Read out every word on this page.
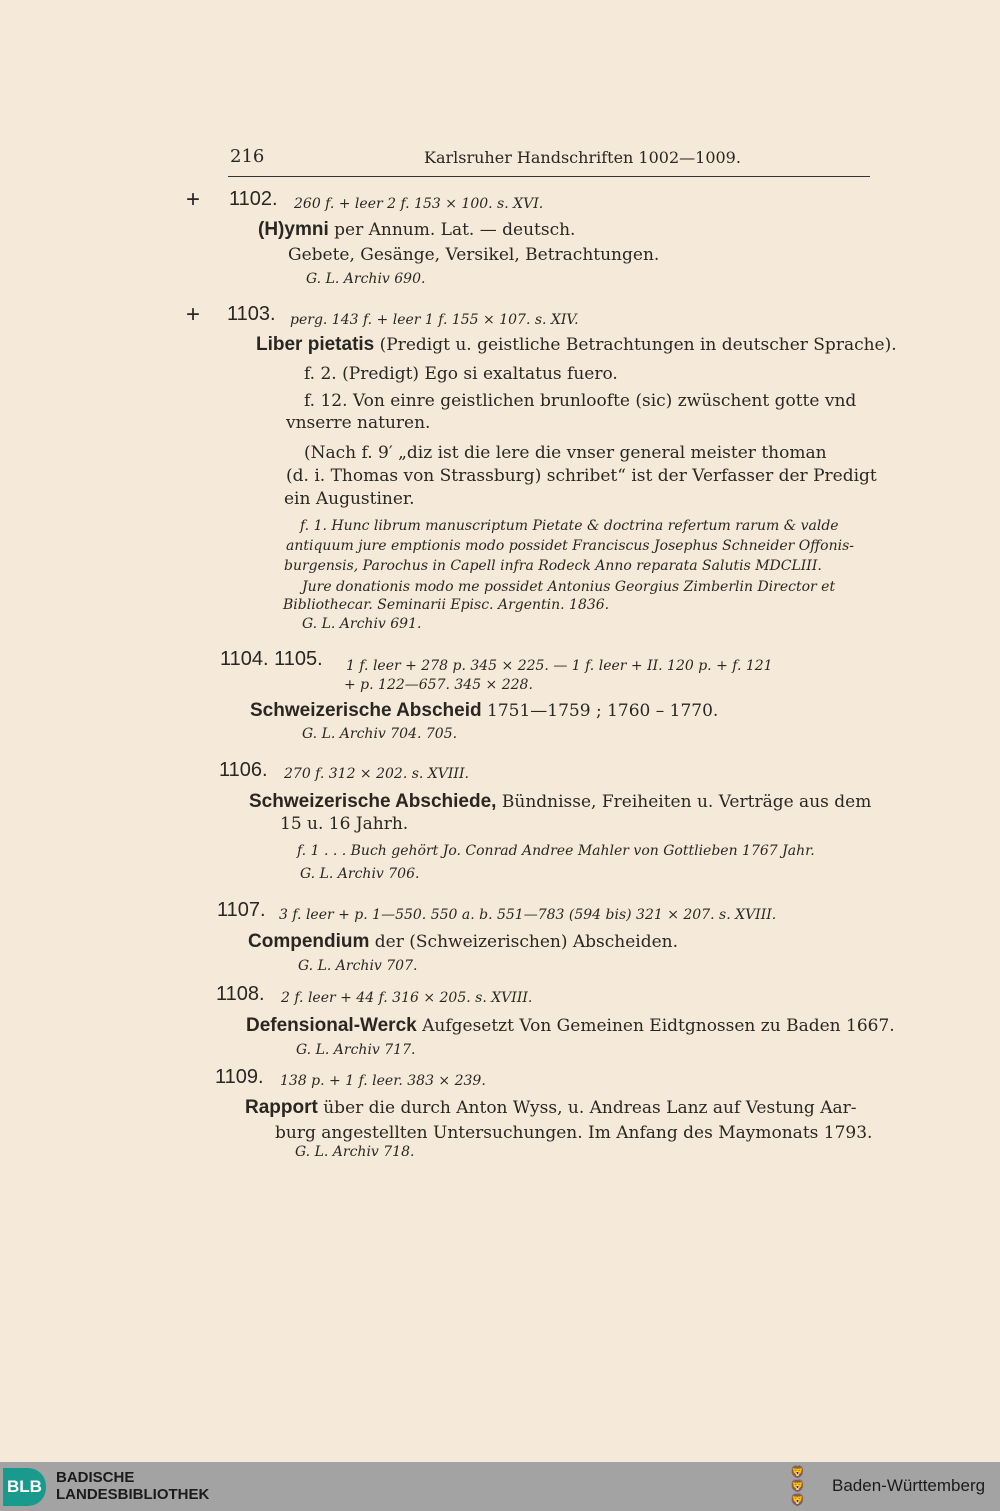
216	Karlsruher Handschriften 1002—1009.
+ 1102. 260 f. + leer 2 f. 153 × 100. s. XVI.
(H)ymni per Annum. Lat. — deutsch.
Gebete, Gesänge, Versikel, Betrachtungen.
G. L. Archiv 690.
+ 1103. perg. 143 f. + leer 1 f. 155 × 107. s. XIV.
Liber pietatis (Predigt u. geistliche Betrachtungen in deutscher Sprache).
f. 2. (Predigt) Ego si exaltatus fuero.
f. 12. Von einre geistlichen brunloofte (sic) zwüschent gotte vnd
vnserre naturen.
(Nach f. 9′ „diz ist die lere die vnser general meister thoman
(d. i. Thomas von Strassburg) schribet“ ist der Verfasser der Predigt
ein Augustiner.
f. 1. Hunc librum manuscriptum Pietate & doctrina refertum rarum & valde
antiquum jure emptionis modo possidet Franciscus Josephus Schneider Offonis-
burgensis, Parochus in Capell infra Rodeck Anno reparata Salutis MDCLIII.
Jure donationis modo me possidet Antonius Georgius Zimberlin Director et
Bibliothecar. Seminarii Episc. Argentin. 1836.
G. L. Archiv 691.
1104. 1105. 1 f. leer + 278 p. 345 × 225. — 1 f. leer + II. 120 p. + f. 121
+ p. 122—657. 345 × 228.
Schweizerische Abscheid 1751—1759 ; 1760 – 1770.
G. L. Archiv 704. 705.
1106. 270 f. 312 × 202. s. XVIII.
Schweizerische Abschiede, Bündnisse, Freiheiten u. Verträge aus dem
15 u. 16 Jahrh.
f. 1 . . . Buch gehört Jo. Conrad Andree Mahler von Gottlieben 1767 Jahr.
G. L. Archiv 706.
1107. 3 f. leer + p. 1—550. 550 a. b. 551—783 (594 bis) 321 × 207. s. XVIII.
Compendium der (Schweizerischen) Abscheiden.
G. L. Archiv 707.
1108. 2 f. leer + 44 f. 316 × 205. s. XVIII.
Defensional-Werck Aufgesetzt Von Gemeinen Eidtgnossen zu Baden 1667.
G. L. Archiv 717.
1109. 138 p. + 1 f. leer. 383 × 239.
Rapport über die durch Anton Wyss, u. Andreas Lanz auf Vestung Aar-
burg angestellten Untersuchungen. Im Anfang des Maymonats 1793.
G. L. Archiv 718.
BLB BADISCHE
LANDESBIBLIOTHEK
🦁
🦁
🦁
Baden-Württemberg
